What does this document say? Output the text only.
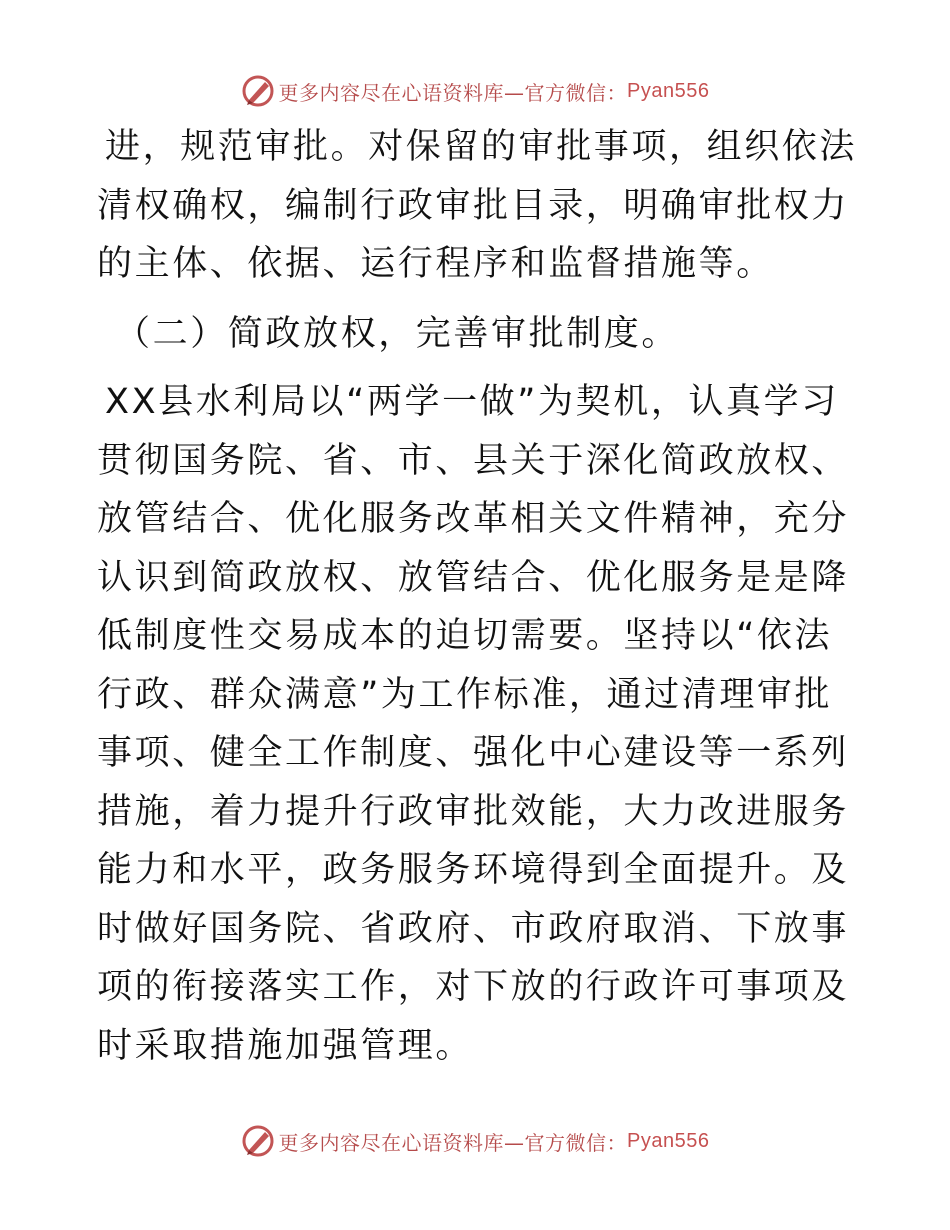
更多内容尽在心语资料库—官方微信： Pyan556

进，规范审批。对保留的审批事项，组织依法清权确权，编制行政审批目录，明确审批权力的主体、依据、运行程序和监督措施等。

（二）简政放权，完善审批制度。

XX县水利局以“两学一做”为契机，认真学习贯彻国务院、省、市、县关于深化简政放权、放管结合、优化服务改革相关文件精神，充分认识到简政放权、放管结合、优化服务是是降低制度性交易成本的迫切需要。坚持以“依法行政、群众满意”为工作标准，通过清理审批事项、健全工作制度、强化中心建设等一系列措施，着力提升行政审批效能，大力改进服务能力和水平，政务服务环境得到全面提升。及时做好国务院、省政府、市政府取消、下放事项的衔接落实工作，对下放的行政许可事项及时采取措施加强管理。

更多内容尽在心语资料库—官方微信： Pyan556
